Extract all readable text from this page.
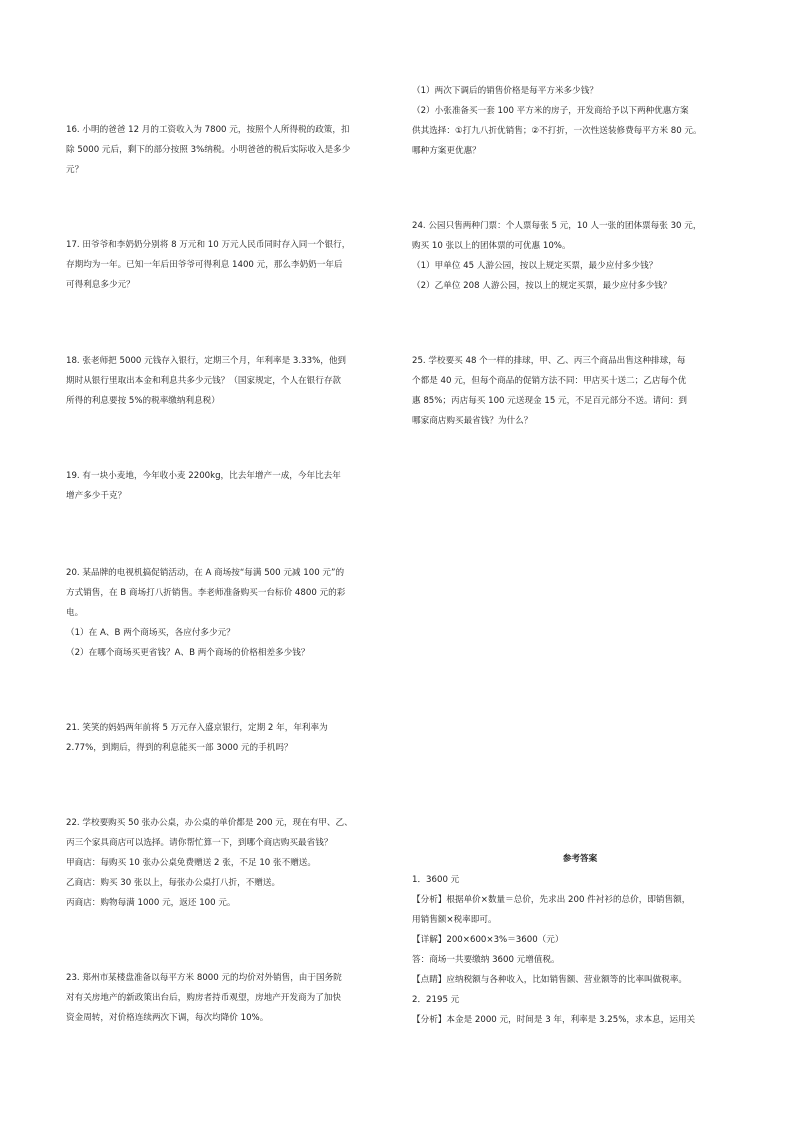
16. 小明的爸爸 12 月的工资收入为 7800 元，按照个人所得税的政策，扣

除 5000 元后，剩下的部分按照 3%纳税。小明爸爸的税后实际收入是多少

元？

17. 田爷爷和李奶奶分别将 8 万元和 10 万元人民币同时存入同一个银行，

存期均为一年。已知一年后田爷爷可得利息 1400 元，那么李奶奶一年后

可得利息多少元？

18. 张老师把 5000 元钱存入银行，定期三个月，年利率是 3.33%，他到

期时从银行里取出本金和利息共多少元钱？（国家规定，个人在银行存款

所得的利息要按 5%的税率缴纳利息税）

19. 有一块小麦地，今年收小麦 2200kg，比去年增产一成，今年比去年

增产多少千克？

20. 某品牌的电视机搞促销活动，在 A 商场按“每满 500 元减 100 元”的

方式销售，在 B 商场打八折销售。李老师准备购买一台标价 4800 元的彩

电。

（1）在 A、B 两个商场买，各应付多少元？

（2）在哪个商场买更省钱？A、B 两个商场的价格相差多少钱？

21. 笑笑的妈妈两年前将 5 万元存入盛京银行，定期 2 年，年利率为

2.77%，到期后，得到的利息能买一部 3000 元的手机吗？

22. 学校要购买 50 张办公桌，办公桌的单价都是 200 元，现在有甲、乙、

丙三个家具商店可以选择。请你帮忙算一下，到哪个商店购买最省钱？

甲商店：每购买 10 张办公桌免费赠送 2 张，不足 10 张不赠送。

乙商店：购买 30 张以上，每张办公桌打八折，不赠送。

丙商店：购物每满 1000 元，返还 100 元。

23. 郑州市某楼盘准备以每平方米 8000 元的均价对外销售，由于国务院

对有关房地产的新政策出台后，购房者持币观望，房地产开发商为了加快

资金周转，对价格连续两次下调，每次均降价 10%。

（1）两次下调后的销售价格是每平方米多少钱？

（2）小张准备买一套 100 平方米的房子，开发商给予以下两种优惠方案

供其选择：①打九八折优销售；②不打折，一次性送装修费每平方米 80 元。

哪种方案更优惠？

24. 公园只售两种门票：个人票每张 5 元，10 人一张的团体票每张 30 元，

购买 10 张以上的团体票的可优惠 10%。

（1）甲单位 45 人游公园，按以上规定买票，最少应付多少钱？

（2）乙单位 208 人游公园，按以上的规定买票，最少应付多少钱？

25. 学校要买 48 个一样的排球，甲、乙、丙三个商品出售这种排球，每

个都是 40 元，但每个商品的促销方法不同：甲店买十送二；乙店每个优

惠 85%；丙店每买 100 元送现金 15 元，不足百元部分不送。请问：到

哪家商店购买最省钱？为什么？

参考答案

1．3600 元

【分析】根据单价×数量＝总价，先求出 200 件衬衫的总价，即销售额，

用销售额×税率即可。

【详解】200×600×3%＝3600（元）

答：商场一共要缴纳 3600 元增值税。

【点睛】应纳税额与各种收入，比如销售额、营业额等的比率叫做税率。

2．2195 元

【分析】本金是 2000 元，时间是 3 年，利率是 3.25%，求本息，运用关
